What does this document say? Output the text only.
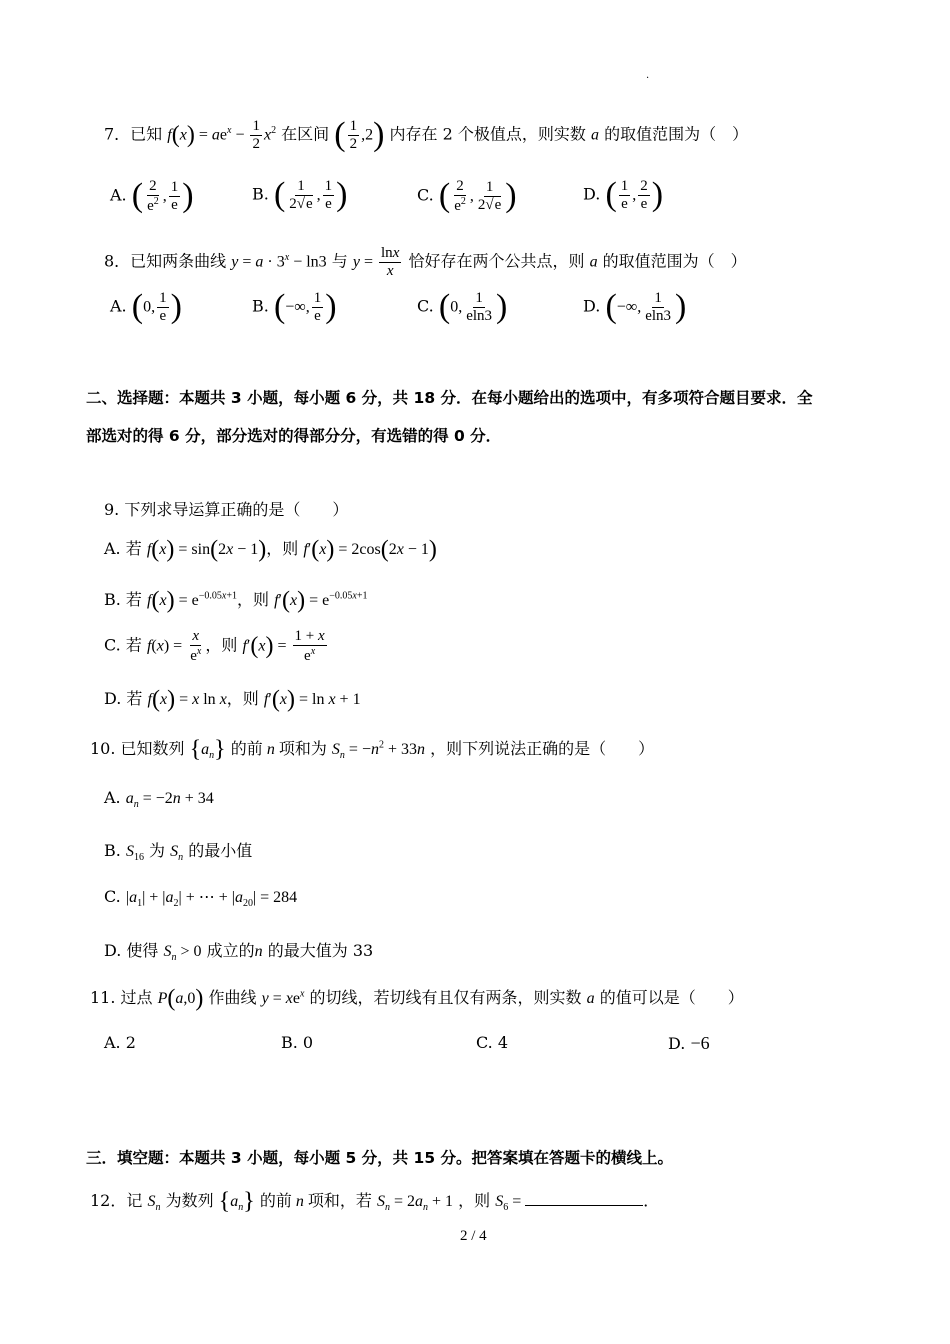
.
7．已知 $f(x) = ae^x - \frac{1}{2} x^2$ 在区间 ( $\frac{1}{2} ,2$) 内存在 2 个极值点，则实数 a 的取值范围为（　）
A. ( $\frac{2}{e^2}$ , $\frac{1}{e}$ )	B. ( $\frac{1}{2√e}$ , $\frac{1}{e}$ )	C. ( $\frac{2}{e^2}$ , $\frac{1}{2√e}$ )	D. ( $\frac{1}{e}$ , $\frac{2}{e}$ )
8．已知两条曲线 $y = a \cdot 3^x - \ln 3$ 与 $y = \frac{\ln x}{x}$ 恰好存在两个公共点，则 a 的取值范围为（　）
A. (0, $\frac{1}{e}$ )	B. (−∞, $\frac{1}{e}$ )	C. (0, $\frac{1}{eln3}$ )	D. (−∞, $\frac{1}{eln3}$ )
二、选择题：本题共 3 小题，每小题 6 分，共 18 分．在每小题给出的选项中，有多项符合题目要求．全
部选对的得 6 分，部分选对的得部分分，有选错的得 0 分．
9. 下列求导运算正确的是（　　）
A. 若 f(x) = sin(2x − 1)，则 f′(x) = 2cos(2x − 1)
B. 若 $f(x) = e^{-0.05x+1}$，则 $f'(x) = e^{-0.05x+1}$
C. 若 $f(x) = \frac{x}{e^x}$ ，则 $f'(x) = \frac{1 + x}{e^x}$
D. 若 f(x) = x ln x，则 f′(x) = ln x + 1
10. 已知数列 $\{a_n\}$ 的前 n 项和为 $S_n = -n^2 + 33n$ ，则下列说法正确的是（　　）
A. $a_n = -2n + 34$
B. $S_{16}$ 为 $S_n$ 的最小值
C. $|a_1| + |a_2|$ + ⋯ + $|a_{20}| = 284$
D. 使得 $S_n > 0$ 成立的n 的最大值为 33
11. 过点 P(a,0) 作曲线 $y = xe^x$ 的切线，若切线有且仅有两条，则实数 a 的值可以是（　　）
A. 2	B. 0	C. 4	D. −6
三．填空题：本题共 3 小题，每小题 5 分，共 15 分。把答案填在答题卡的横线上。
12．记 $S_n$ 为数列 $\{a_n\}$ 的前 n 项和，若 $S_n = 2a_n + 1$ ，则 $S_6$ =	．
2 / 4
